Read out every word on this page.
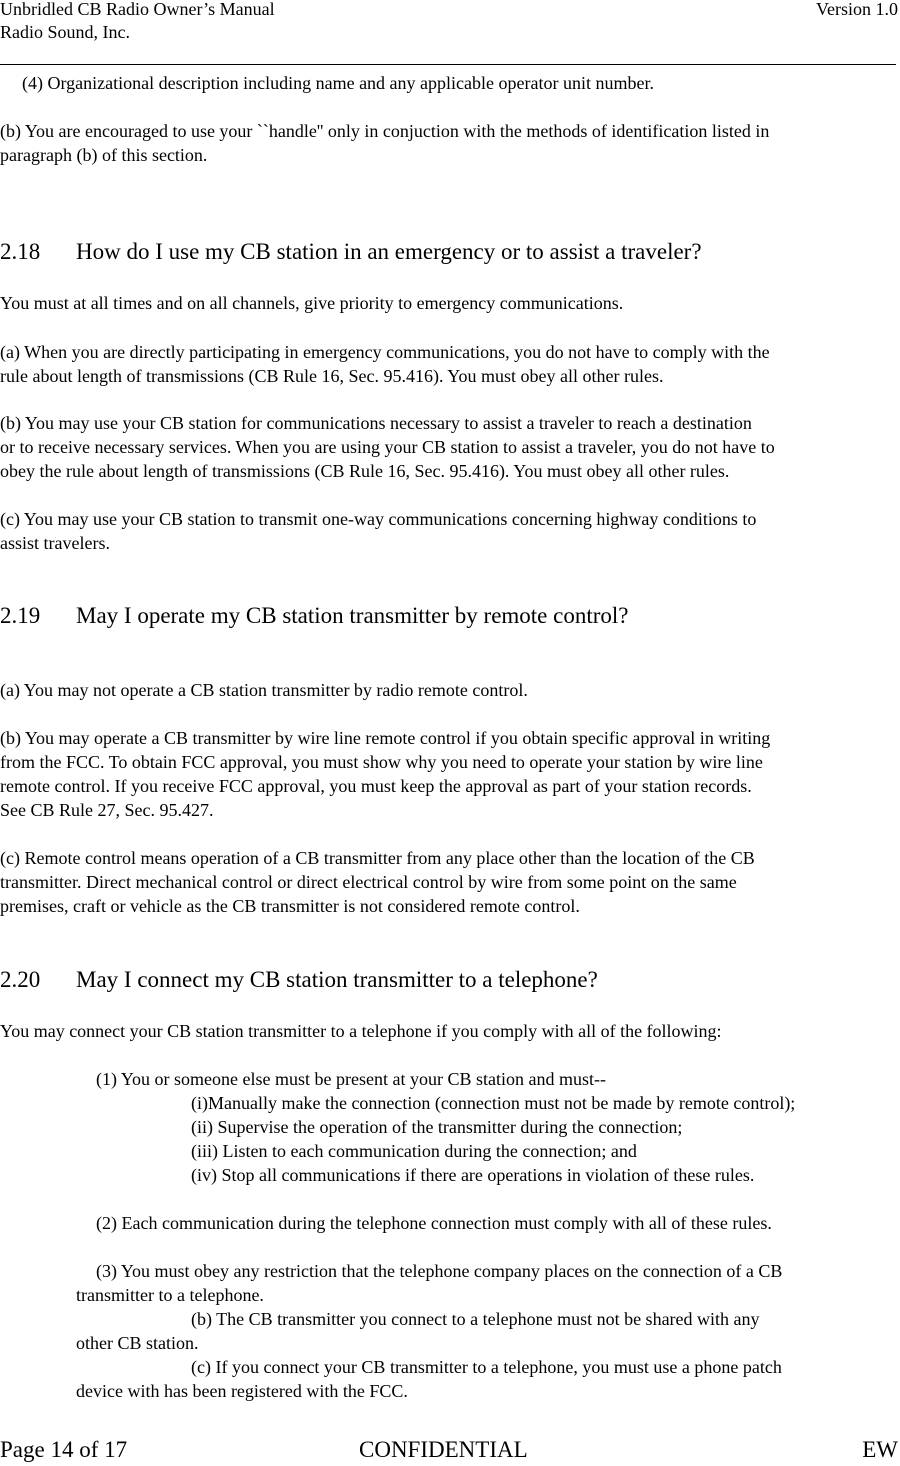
Unbridled CB Radio Owner’s Manual
Radio Sound, Inc.
Version 1.0
(4) Organizational description including name and any applicable operator unit number.
(b) You are encouraged to use your ``handle'' only in conjuction with the methods of identification listed in
paragraph (b) of this section.
2.18 How do I use my CB station in an emergency or to assist a traveler?
You must at all times and on all channels, give priority to emergency communications.
(a) When you are directly participating in emergency communications, you do not have to comply with the
rule about length of transmissions (CB Rule 16, Sec. 95.416). You must obey all other rules.
(b) You may use your CB station for communications necessary to assist a traveler to reach a destination
or to receive necessary services. When you are using your CB station to assist a traveler, you do not have to
obey the rule about length of transmissions (CB Rule 16, Sec. 95.416). You must obey all other rules.
(c) You may use your CB station to transmit one-way communications concerning highway conditions to
assist travelers.
2.19 May I operate my CB station transmitter by remote control?
(a) You may not operate a CB station transmitter by radio remote control.
(b) You may operate a CB transmitter by wire line remote control if you obtain specific approval in writing
from the FCC. To obtain FCC approval, you must show why you need to operate your station by wire line
remote control. If you receive FCC approval, you must keep the approval as part of your station records.
See CB Rule 27, Sec. 95.427.
(c) Remote control means operation of a CB transmitter from any place other than the location of the CB
transmitter. Direct mechanical control or direct electrical control by wire from some point on the same
premises, craft or vehicle as the CB transmitter is not considered remote control.
2.20 May I connect my CB station transmitter to a telephone?
You may connect your CB station transmitter to a telephone if you comply with all of the following:
(1) You or someone else must be present at your CB station and must--
(i)Manually make the connection (connection must not be made by remote control);
(ii) Supervise the operation of the transmitter during the connection;
(iii) Listen to each communication during the connection; and
(iv) Stop all communications if there are operations in violation of these rules.
(2) Each communication during the telephone connection must comply with all of these rules.
(3) You must obey any restriction that the telephone company places on the connection of a CB
transmitter to a telephone.
(b) The CB transmitter you connect to a telephone must not be shared with any
other CB station.
(c) If you connect your CB transmitter to a telephone, you must use a phone patch
device with has been registered with the FCC.
Page 14 of 17	CONFIDENTIAL	EW
